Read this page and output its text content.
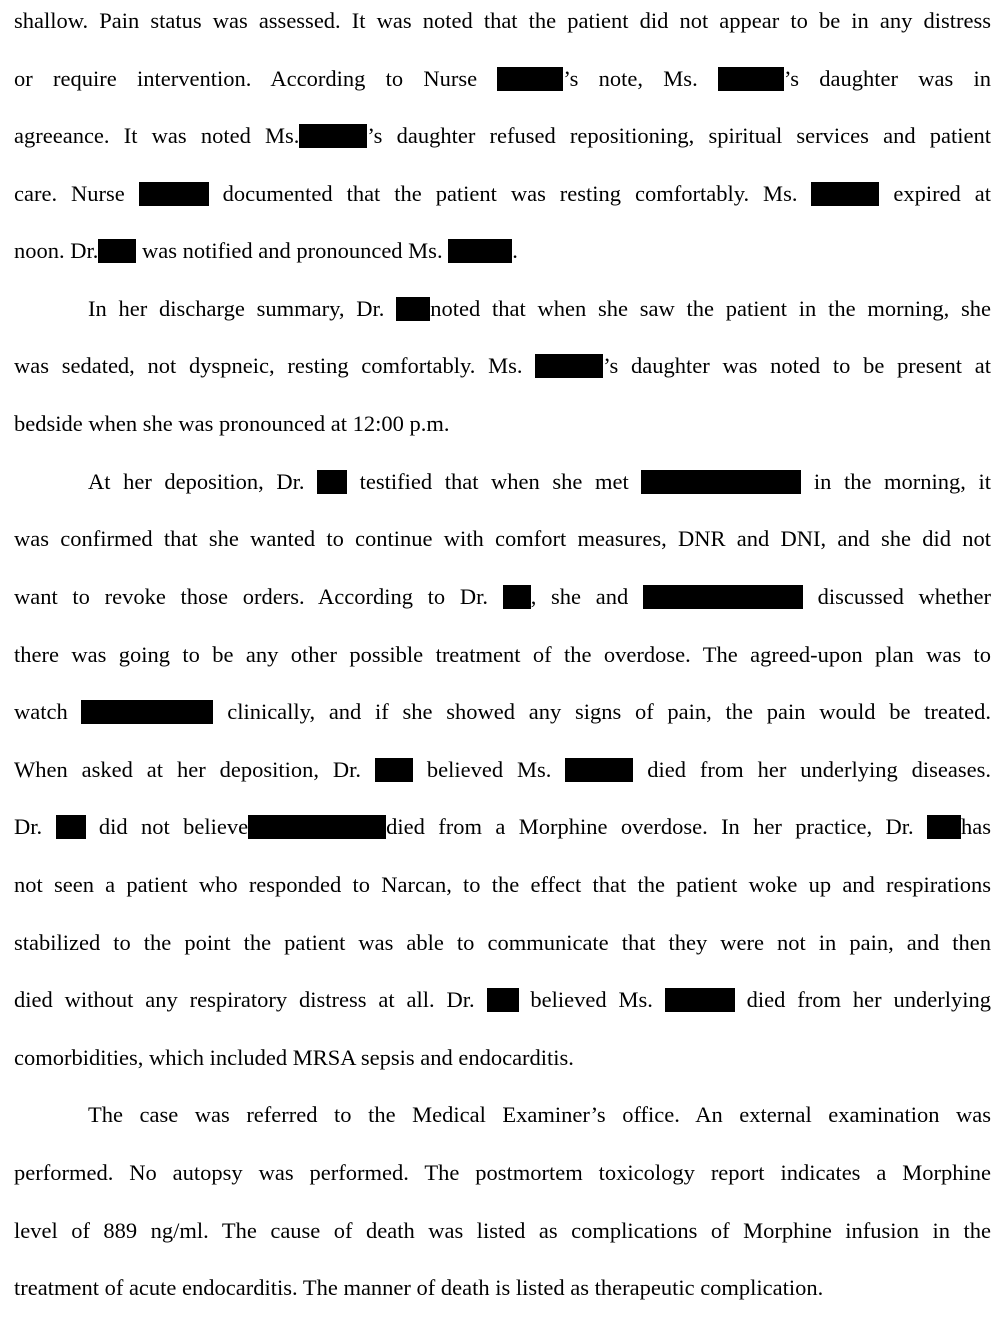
shallow. Pain status was assessed. It was noted that the patient did not appear to be in any distress
or require intervention. According to Nurse	’s note, Ms.	’s daughter was in
agreeance. It was noted Ms.	’s daughter refused repositioning, spiritual services and patient
care. Nurse	documented that the patient was resting comfortably. Ms.	expired at
noon. Dr. was notified and pronounced Ms.	.
In her discharge summary, Dr. noted that when she saw the patient in the morning, she
was sedated, not dyspneic, resting comfortably. Ms.	’s daughter was noted to be present at
bedside when she was pronounced at 12:00 p.m.
At her deposition, Dr.  testified that when she met	in the morning, it
was confirmed that she wanted to continue with comfort measures, DNR and DNI, and she did not
want to revoke those orders. According to Dr. , she and	discussed whether
there was going to be any other possible treatment of the overdose. The agreed-upon plan was to
watch	clinically, and if she showed any signs of pain, the pain would be treated.
When asked at her deposition, Dr.  believed Ms.	died from her underlying diseases.
Dr.  did not believe	died from a Morphine overdose. In her practice, Dr. has
not seen a patient who responded to Narcan, to the effect that the patient woke up and respirations
stabilized to the point the patient was able to communicate that they were not in pain, and then
died without any respiratory distress at all. Dr.  believed Ms.	died from her underlying
comorbidities, which included MRSA sepsis and endocarditis.
The case was referred to the Medical Examiner’s office. An external examination was
performed. No autopsy was performed. The postmortem toxicology report indicates a Morphine
level of 889 ng/ml. The cause of death was listed as complications of Morphine infusion in the
treatment of acute endocarditis. The manner of death is listed as therapeutic complication.
